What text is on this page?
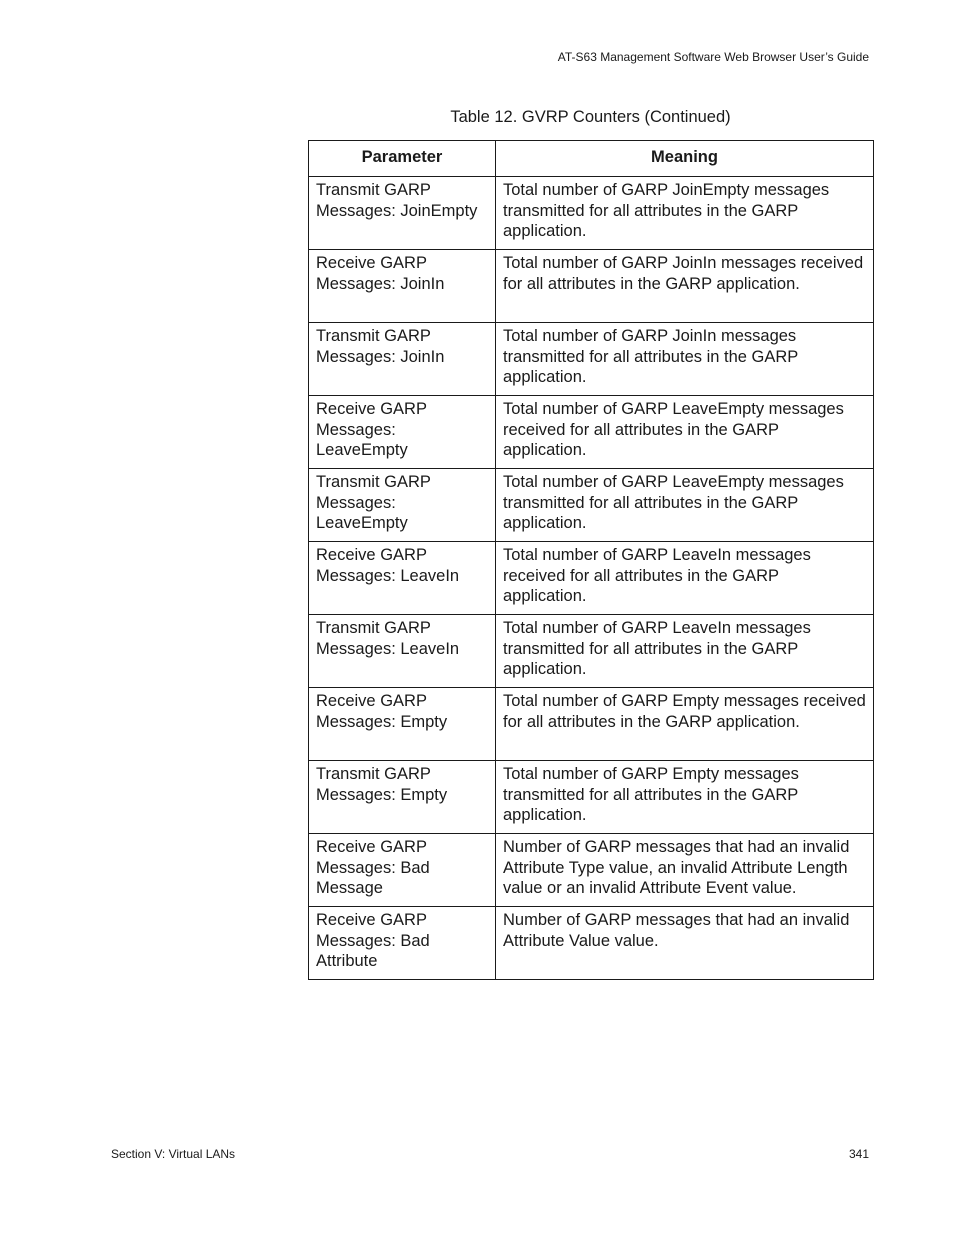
AT-S63 Management Software Web Browser User’s Guide
Table 12. GVRP Counters (Continued)
Parameter	Meaning
Transmit GARP Messages: JoinEmpty	Total number of GARP JoinEmpty messages transmitted for all attributes in the GARP application.
Receive GARP Messages: JoinIn	Total number of GARP JoinIn messages received for all attributes in the GARP application.
Transmit GARP Messages: JoinIn	Total number of GARP JoinIn messages transmitted for all attributes in the GARP application.
Receive GARP Messages: LeaveEmpty	Total number of GARP LeaveEmpty messages received for all attributes in the GARP application.
Transmit GARP Messages: LeaveEmpty	Total number of GARP LeaveEmpty messages transmitted for all attributes in the GARP application.
Receive GARP Messages: LeaveIn	Total number of GARP LeaveIn messages received for all attributes in the GARP application.
Transmit GARP Messages: LeaveIn	Total number of GARP LeaveIn messages transmitted for all attributes in the GARP application.
Receive GARP Messages: Empty	Total number of GARP Empty messages received for all attributes in the GARP application.
Transmit GARP Messages: Empty	Total number of GARP Empty messages transmitted for all attributes in the GARP application.
Receive GARP Messages: Bad Message	Number of GARP messages that had an invalid Attribute Type value, an invalid Attribute Length value or an invalid Attribute Event value.
Receive GARP Messages: Bad Attribute	Number of GARP messages that had an invalid Attribute Value value.
Section V: Virtual LANs	341
